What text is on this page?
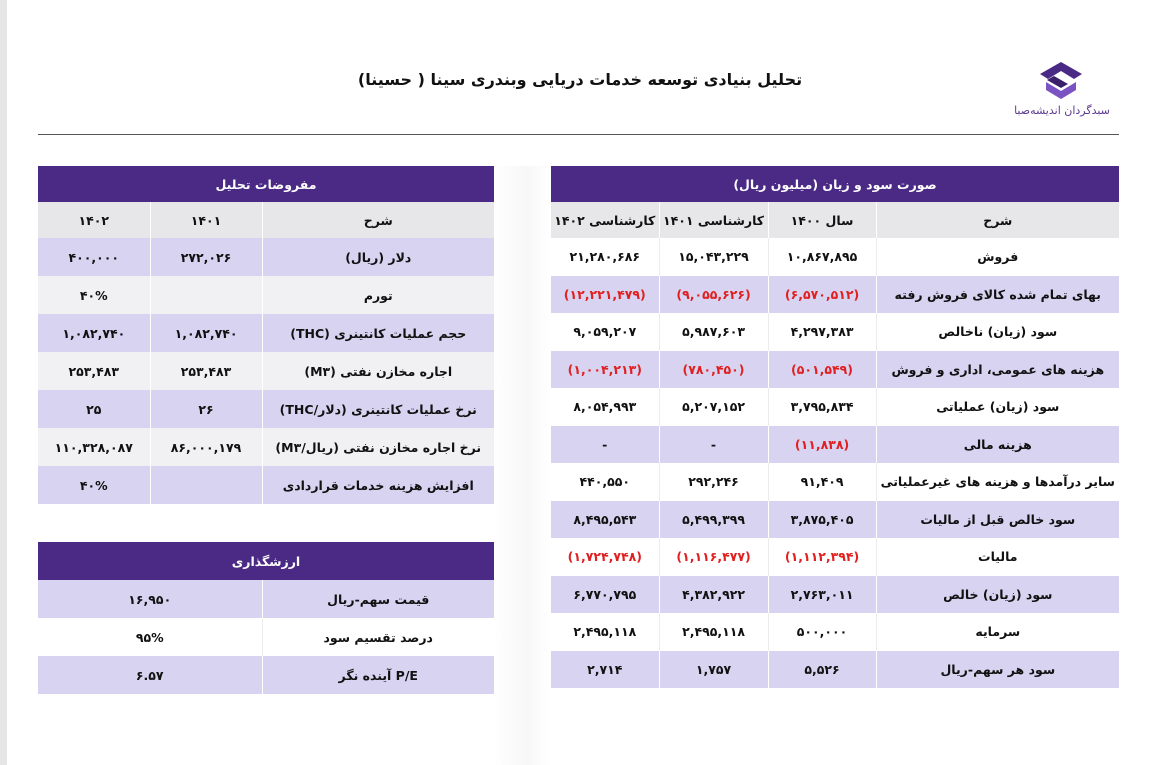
تحلیل بنیادی توسعه خدمات دریایی وبندری سینا ( حسینا)
سبدگردان اندیشه‌صبا
صورت سود و زیان (میلیون ریال)			
شرح	سال ۱۴۰۰	کارشناسی ۱۴۰۱	کارشناسی ۱۴۰۲
فروش	۱۰,۸۶۷,۸۹۵	۱۵,۰۴۳,۲۲۹	۲۱,۲۸۰,۶۸۶
بهای تمام شده کالای فروش رفته	(۶,۵۷۰,۵۱۲)	(۹,۰۵۵,۶۲۶)	(۱۲,۲۲۱,۴۷۹)
سود (زیان) ناخالص	۴,۲۹۷,۳۸۳	۵,۹۸۷,۶۰۳	۹,۰۵۹,۲۰۷
هزینه های عمومی، اداری و فروش	(۵۰۱,۵۴۹)	(۷۸۰,۴۵۰)	(۱,۰۰۴,۲۱۳)
سود (زیان) عملیاتی	۳,۷۹۵,۸۳۴	۵,۲۰۷,۱۵۲	۸,۰۵۴,۹۹۳
هزینه مالی	(۱۱,۸۳۸)	-	-
سایر درآمدها و هزینه های غیرعملیاتی	۹۱,۴۰۹	۲۹۲,۲۴۶	۴۴۰,۵۵۰
سود خالص قبل از مالیات	۳,۸۷۵,۴۰۵	۵,۴۹۹,۳۹۹	۸,۴۹۵,۵۴۳
مالیات	(۱,۱۱۲,۳۹۴)	(۱,۱۱۶,۴۷۷)	(۱,۷۲۴,۷۴۸)
سود (زیان) خالص	۲,۷۶۳,۰۱۱	۴,۳۸۲,۹۲۲	۶,۷۷۰,۷۹۵
سرمایه	۵۰۰,۰۰۰	۲,۴۹۵,۱۱۸	۲,۴۹۵,۱۱۸
سود هر سهم-ریال	۵,۵۲۶	۱,۷۵۷	۲,۷۱۴
مفروضات تحلیل		
شرح	۱۴۰۱	۱۴۰۲
دلار (ریال)	۲۷۲,۰۲۶	۴۰۰,۰۰۰
تورم		۴۰%
حجم عملیات کانتینری (THC)	۱,۰۸۲,۷۴۰	۱,۰۸۲,۷۴۰
اجاره مخازن نفتی (M۳)	۲۵۳,۴۸۳	۲۵۳,۴۸۳
نرخ عملیات کانتینری (دلار/THC)	۲۶	۲۵
نرخ اجاره مخازن نفتی (ریال/M۳)	۸۶,۰۰۰,۱۷۹	۱۱۰,۳۲۸,۰۸۷
افزایش هزینه خدمات قراردادی		۴۰%
ارزشگذاری	
قیمت سهم-ریال	۱۶,۹۵۰
درصد تقسیم سود	۹۵%
P/E آینده نگر	۶.۵۷
